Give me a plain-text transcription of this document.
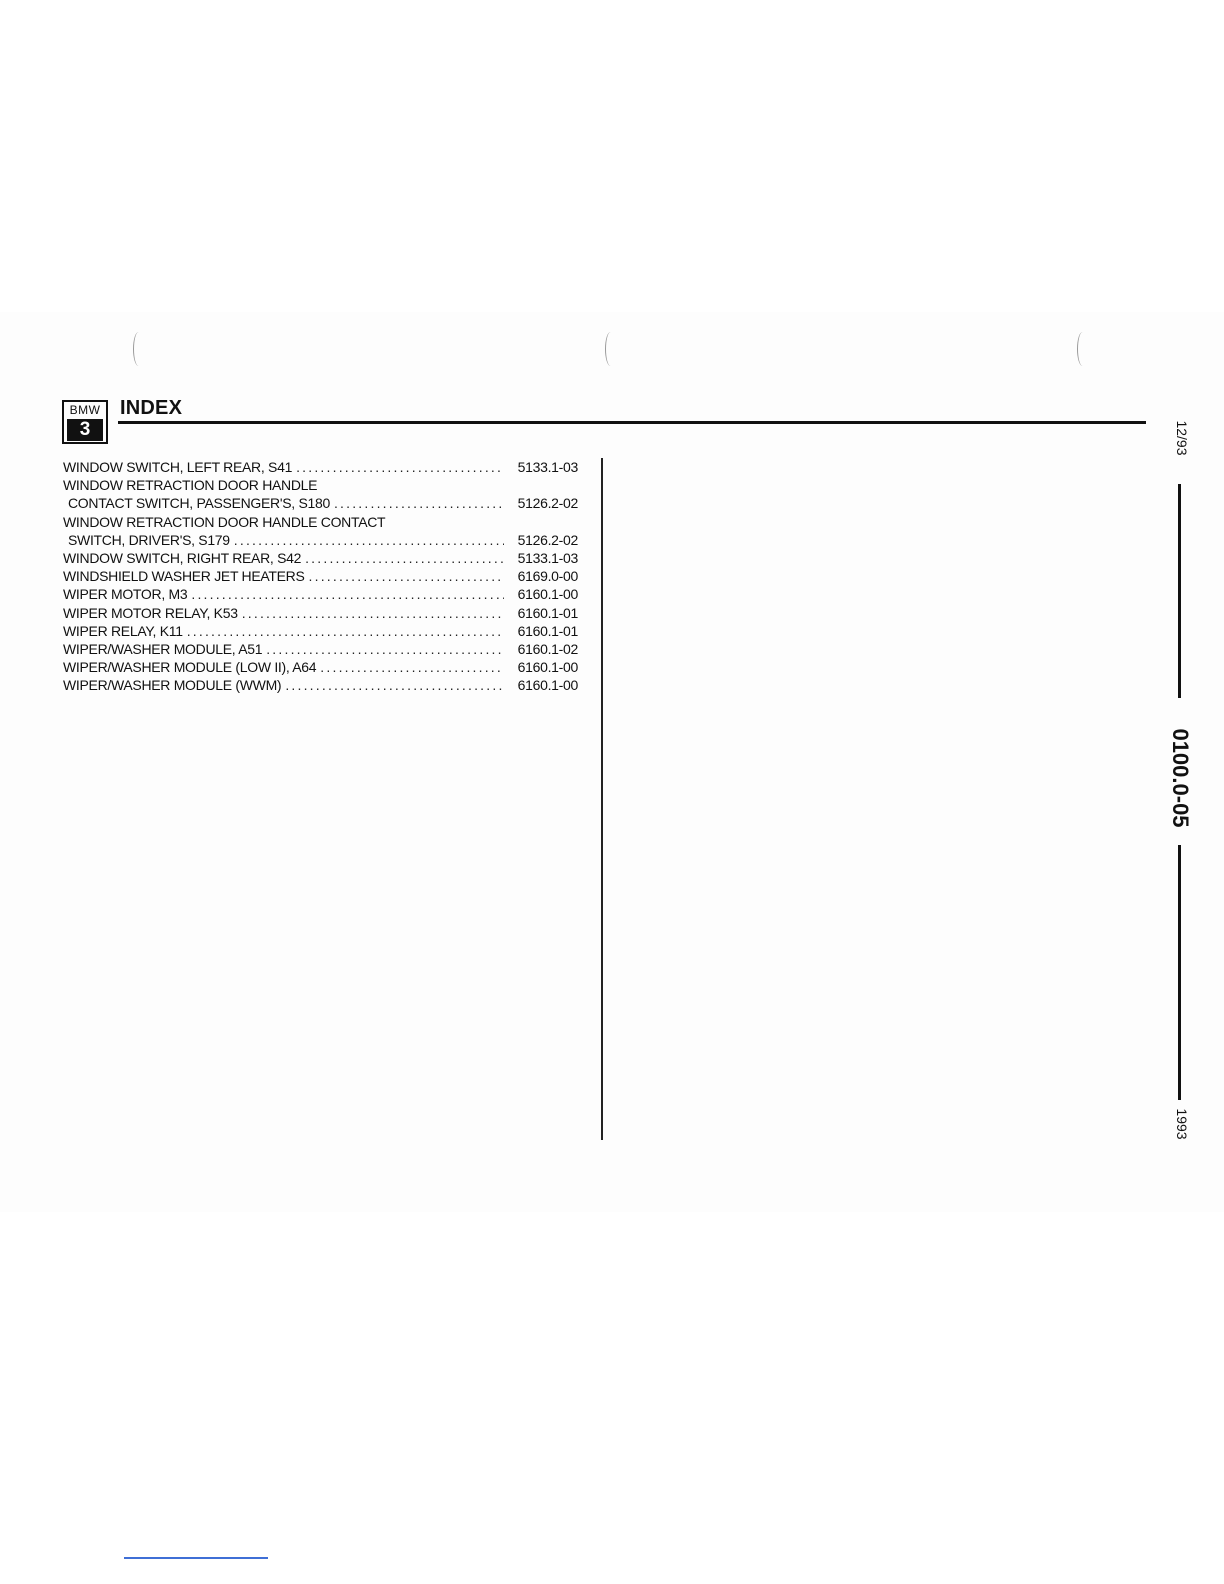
BMW
3
INDEX
WINDOW SWITCH, LEFT REAR, S41 .....	5133.1-03
WINDOW RETRACTION DOOR HANDLE
CONTACT SWITCH, PASSENGER'S, S180 .....	5126.2-02
WINDOW RETRACTION DOOR HANDLE CONTACT
SWITCH, DRIVER'S, S179 .....	5126.2-02
WINDOW SWITCH, RIGHT REAR, S42 .....	5133.1-03
WINDSHIELD WASHER JET HEATERS .....	6169.0-00
WIPER MOTOR, M3 .....	6160.1-00
WIPER MOTOR RELAY, K53 .....	6160.1-01
WIPER RELAY, K11 .....	6160.1-01
WIPER/WASHER MODULE, A51 .....	6160.1-02
WIPER/WASHER MODULE (LOW II), A64 .....	6160.1-00
WIPER/WASHER MODULE (WWM) .....	6160.1-00
12/93
0100.0-05
1993
